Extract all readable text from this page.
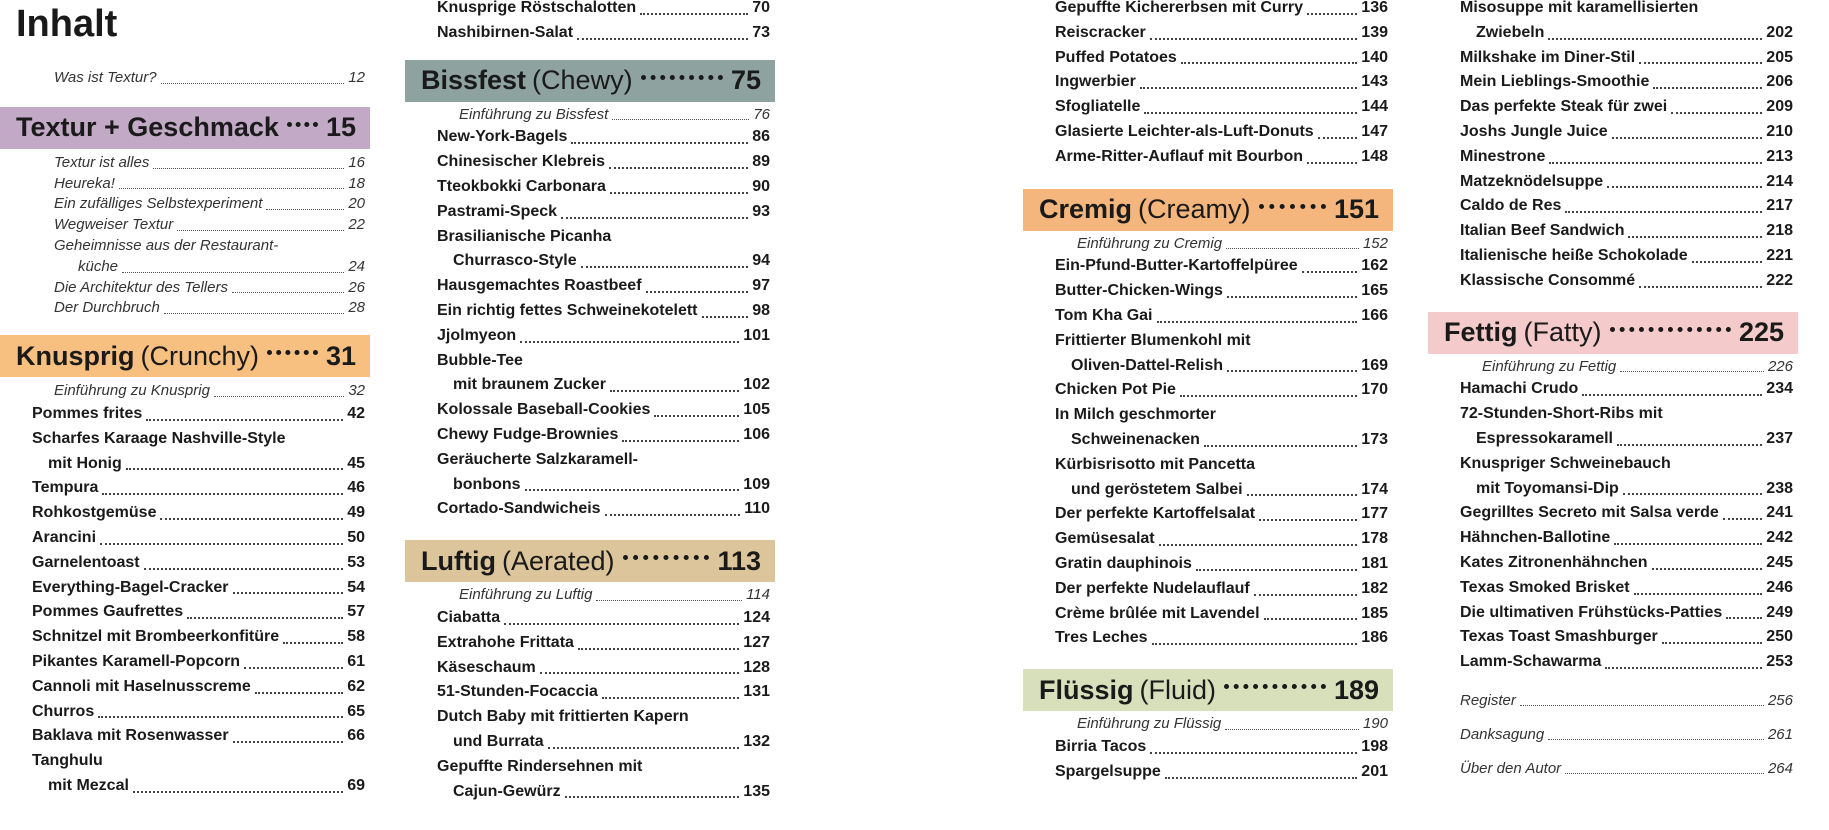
Inhalt
Was ist Textur?	12
Textur + Geschmack 15
Textur ist alles	16
Heureka!	18
Ein zufälliges Selbstexperiment	20
Wegweiser Textur	22
Geheimnisse aus der Restaurant-
küche	24
Die Architektur des Tellers	26
Der Durchbruch	28
Knusprig (Crunchy) 31
Einführung zu Knusprig	32
Pommes frites	42
Scharfes Karaage Nashville-Style
mit Honig	45
Tempura	46
Rohkostgemüse	49
Arancini	50
Garnelentoast	53
Everything-Bagel-Cracker	54
Pommes Gaufrettes	57
Schnitzel mit Brombeerkonfitüre	58
Pikantes Karamell-Popcorn	61
Cannoli mit Haselnusscreme	62
Churros	65
Baklava mit Rosenwasser	66
Tanghulu
mit Mezcal	69
Knusprige Röstschalotten	70
Nashibirnen-Salat	73
Bissfest (Chewy)	75
Einführung zu Bissfest	76
New-York-Bagels	86
Chinesischer Klebreis	89
Tteokbokki Carbonara	90
Pastrami-Speck	93
Brasilianische Picanha
Churrasco-Style	94
Hausgemachtes Roastbeef	97
Ein richtig fettes Schweinekotelett	98
Jjolmyeon	101
Bubble-Tee
mit braunem Zucker	102
Kolossale Baseball-Cookies	105
Chewy Fudge-Brownies	106
Geräucherte Salzkaramell-
bonbons	109
Cortado-Sandwicheis	110
Luftig (Aerated)	113
Einführung zu Luftig	114
Ciabatta	124
Extrahohe Frittata	127
Käseschaum	128
51-Stunden-Focaccia	131
Dutch Baby mit frittierten Kapern
und Burrata	132
Gepuffte Rindersehnen mit
Cajun-Gewürz	135
Gepuffte Kichererbsen mit Curry	136
Reiscracker	139
Puffed Potatoes	140
Ingwerbier	143
Sfogliatelle	144
Glasierte Leichter-als-Luft-Donuts	147
Arme-Ritter-Auflauf mit Bourbon	148
Cremig (Creamy)	151
Einführung zu Cremig	152
Ein-Pfund-Butter-Kartoffelpüree	162
Butter-Chicken-Wings	165
Tom Kha Gai	166
Frittierter Blumenkohl mit
Oliven-Dattel-Relish	169
Chicken Pot Pie	170
In Milch geschmorter
Schweinenacken	173
Kürbisrisotto mit Pancetta
und geröstetem Salbei	174
Der perfekte Kartoffelsalat	177
Gemüsesalat	178
Gratin dauphinois	181
Der perfekte Nudelauflauf	182
Crème brûlée mit Lavendel	185
Tres Leches	186
Flüssig (Fluid)	189
Einführung zu Flüssig	190
Birria Tacos	198
Spargelsuppe	201
Misosuppe mit karamellisierten
Zwiebeln	202
Milkshake im Diner-Stil	205
Mein Lieblings-Smoothie	206
Das perfekte Steak für zwei	209
Joshs Jungle Juice	210
Minestrone	213
Matzeknödelsuppe	214
Caldo de Res	217
Italian Beef Sandwich	218
Italienische heiße Schokolade	221
Klassische Consommé	222
Fettig (Fatty)	225
Einführung zu Fettig	226
Hamachi Crudo	234
72-Stunden-Short-Ribs mit
Espressokaramell	237
Knuspriger Schweinebauch
mit Toyomansi-Dip	238
Gegrilltes Secreto mit Salsa verde	241
Hähnchen-Ballotine	242
Kates Zitronenhähnchen	245
Texas Smoked Brisket	246
Die ultimativen Frühstücks-Patties	249
Texas Toast Smashburger	250
Lamm-Schawarma	253
Register	256
Danksagung	261
Über den Autor	264
